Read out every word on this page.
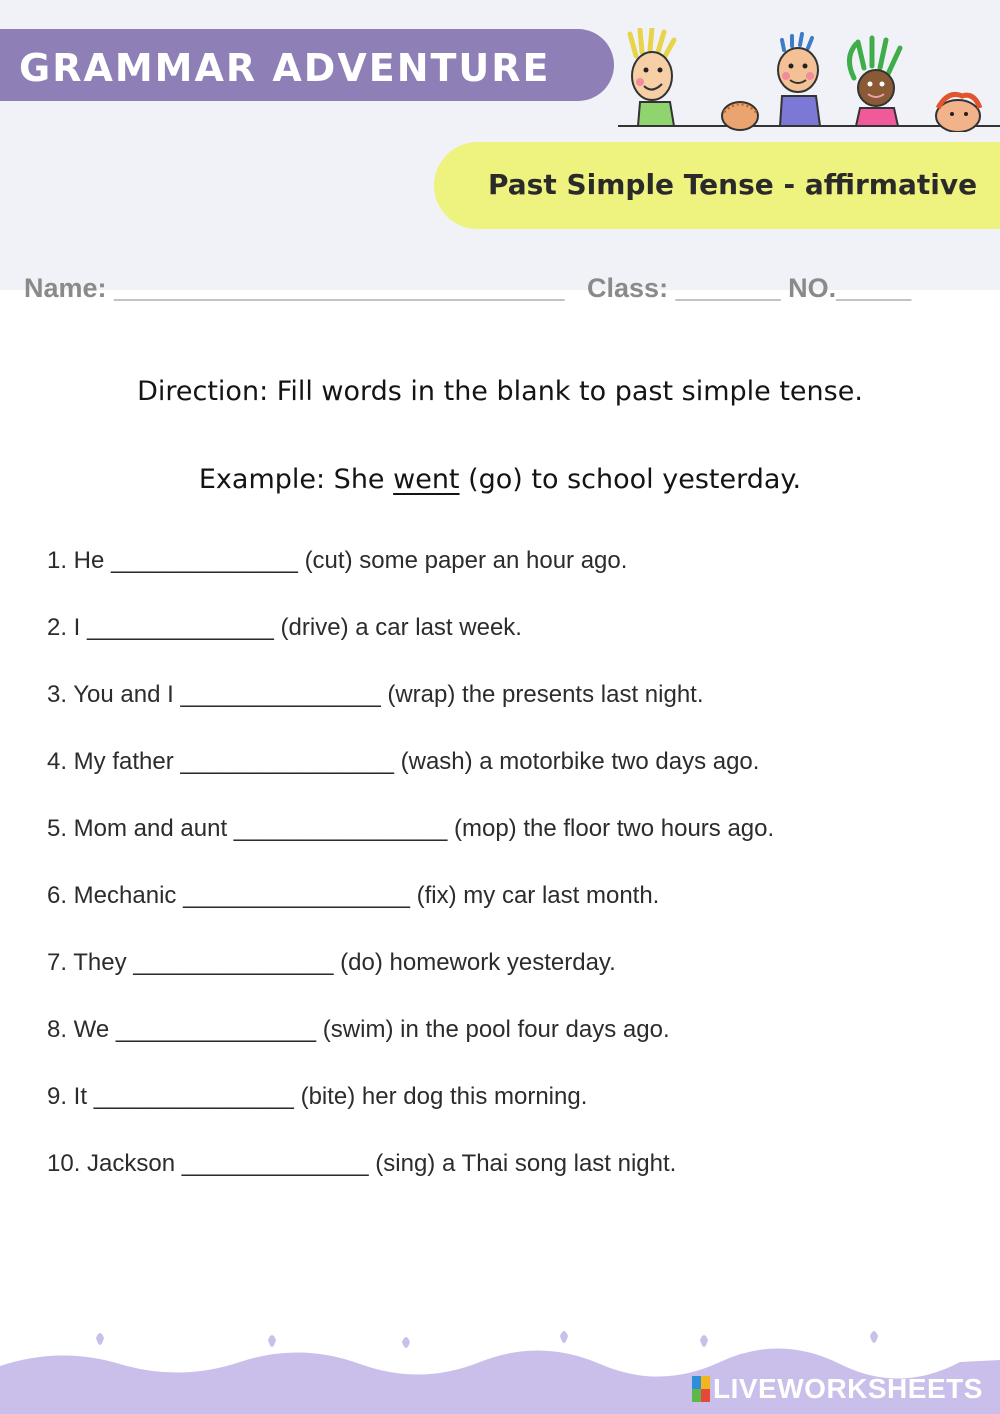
GRAMMAR ADVENTURE
Past Simple Tense - affirmative
Name: ______________________________   Class: _______ NO._____

Direction: Fill words in the blank to past simple tense.

Example: She went (go) to school yesterday.
1. He ______________ (cut) some paper an hour ago.
2. I ______________ (drive) a car last week.
3. You and I _______________ (wrap) the presents last night.
4. My father ________________ (wash) a motorbike two days ago.
5. Mom and aunt ________________ (mop) the floor two hours ago.
6. Mechanic _________________ (fix) my car last month.
7. They _______________ (do) homework yesterday.
8. We _______________ (swim) in the pool four days ago.
9. It _______________ (bite) her dog this morning.
10. Jackson ______________ (sing) a Thai song last night.
LIVEWORKSHEETS
